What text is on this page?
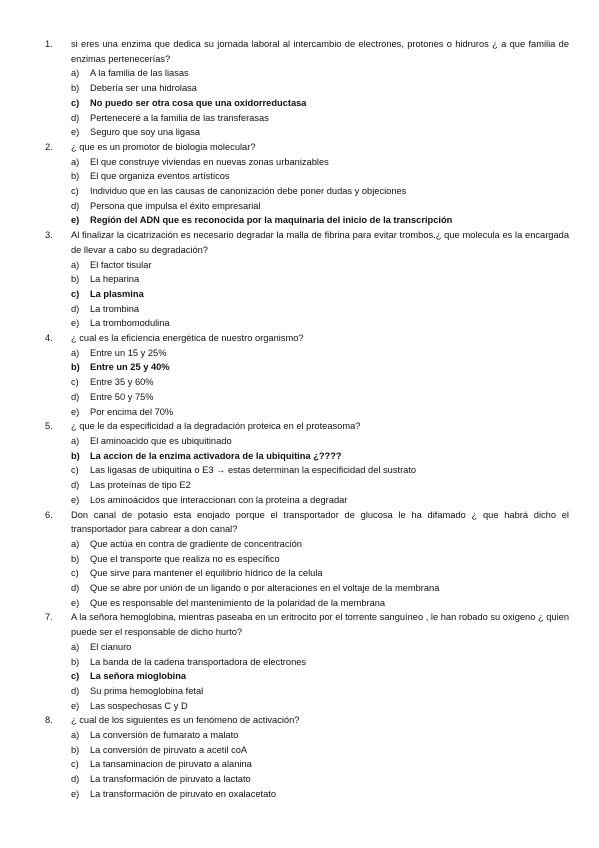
1.	si eres una enzima que dedica su jornada laboral al intercambio de electrones, protones o hidruros ¿ a que familia de enzimas pertenecerías?
a)	A la familia de las liasas
b)	Debería ser una hidrolasa
c)	No puedo ser otra cosa que una oxidorreductasa
d)	Perteneceré a la familia de las transferasas
e)	Seguro que soy una ligasa
2.	¿ que es un promotor de biologia molecular?
a)	El que construye viviendas en nuevas zonas urbanizables
b)	El que organiza eventos artísticos
c)	Individuo que en las causas de canonización debe poner dudas y objeciones
d)	Persona que impulsa el éxito empresarial
e)	Región del ADN que es reconocida por la maquinaria del inicio de la transcripción
3.	Al finalizar la cicatrización es necesario degradar la malla de fibrina para evitar trombos.¿ que molecula es la encargada de llevar a cabo su degradación?
a)	El factor tisular
b)	La heparina
c)	La plasmina
d)	La trombina
e)	La trombomodulina
4.	¿ cual es la eficiencia energética de nuestro organismo?
a)	Entre un 15 y 25%
b)	Entre un 25 y 40%
c)	Entre 35 y 60%
d)	Entre 50 y 75%
e)	Por encima del 70%
5.	¿ que le da especificidad a la degradación proteica en el proteasoma?
a)	El aminoacido que es ubiquitinado
b)	La accion de la enzima activadora de la ubiquitina ¿????
c)	Las ligasas de ubiquitina o E3 → estas determinan la especificidad del sustrato
d)	Las proteínas de tipo E2
e)	Los aminoácidos que interaccionan con la proteína a degradar
6.	Don canal de potasio esta enojado porque el transportador de glucosa le ha difamado ¿ que habrá dicho el transportador para cabrear a don canal?
a)	Que actúa en contra de gradiente de concentración
b)	Que el transporte que realiza no es específico
c)	Que sirve para mantener el equilibrio hídrico de la celula
d)	Que se abre por unión de un ligando o por alteraciones en el voltaje de la membrana
e)	Que es responsable del mantenimiento de la polaridad de la membrana
7.	A la señora hemoglobina, mientras paseaba en un eritrocito por el torrente sanguíneo , le han robado su oxigeno ¿ quien puede ser el responsable de dicho hurto?
a)	El cianuro
b)	La banda de la cadena transportadora de electrones
c)	La señora mioglobina
d)	Su prima hemoglobina fetal
e)	Las sospechosas C y D
8.	¿ cual de los siguientes es un fenómeno de activación?
a)	La conversión de fumarato a malato
b)	La conversión de piruvato a acetil coA
c)	La tansaminacion de piruvato a alanina
d)	La transformación de piruvato a lactato
e)	La transformación de piruvato en oxalacetato
